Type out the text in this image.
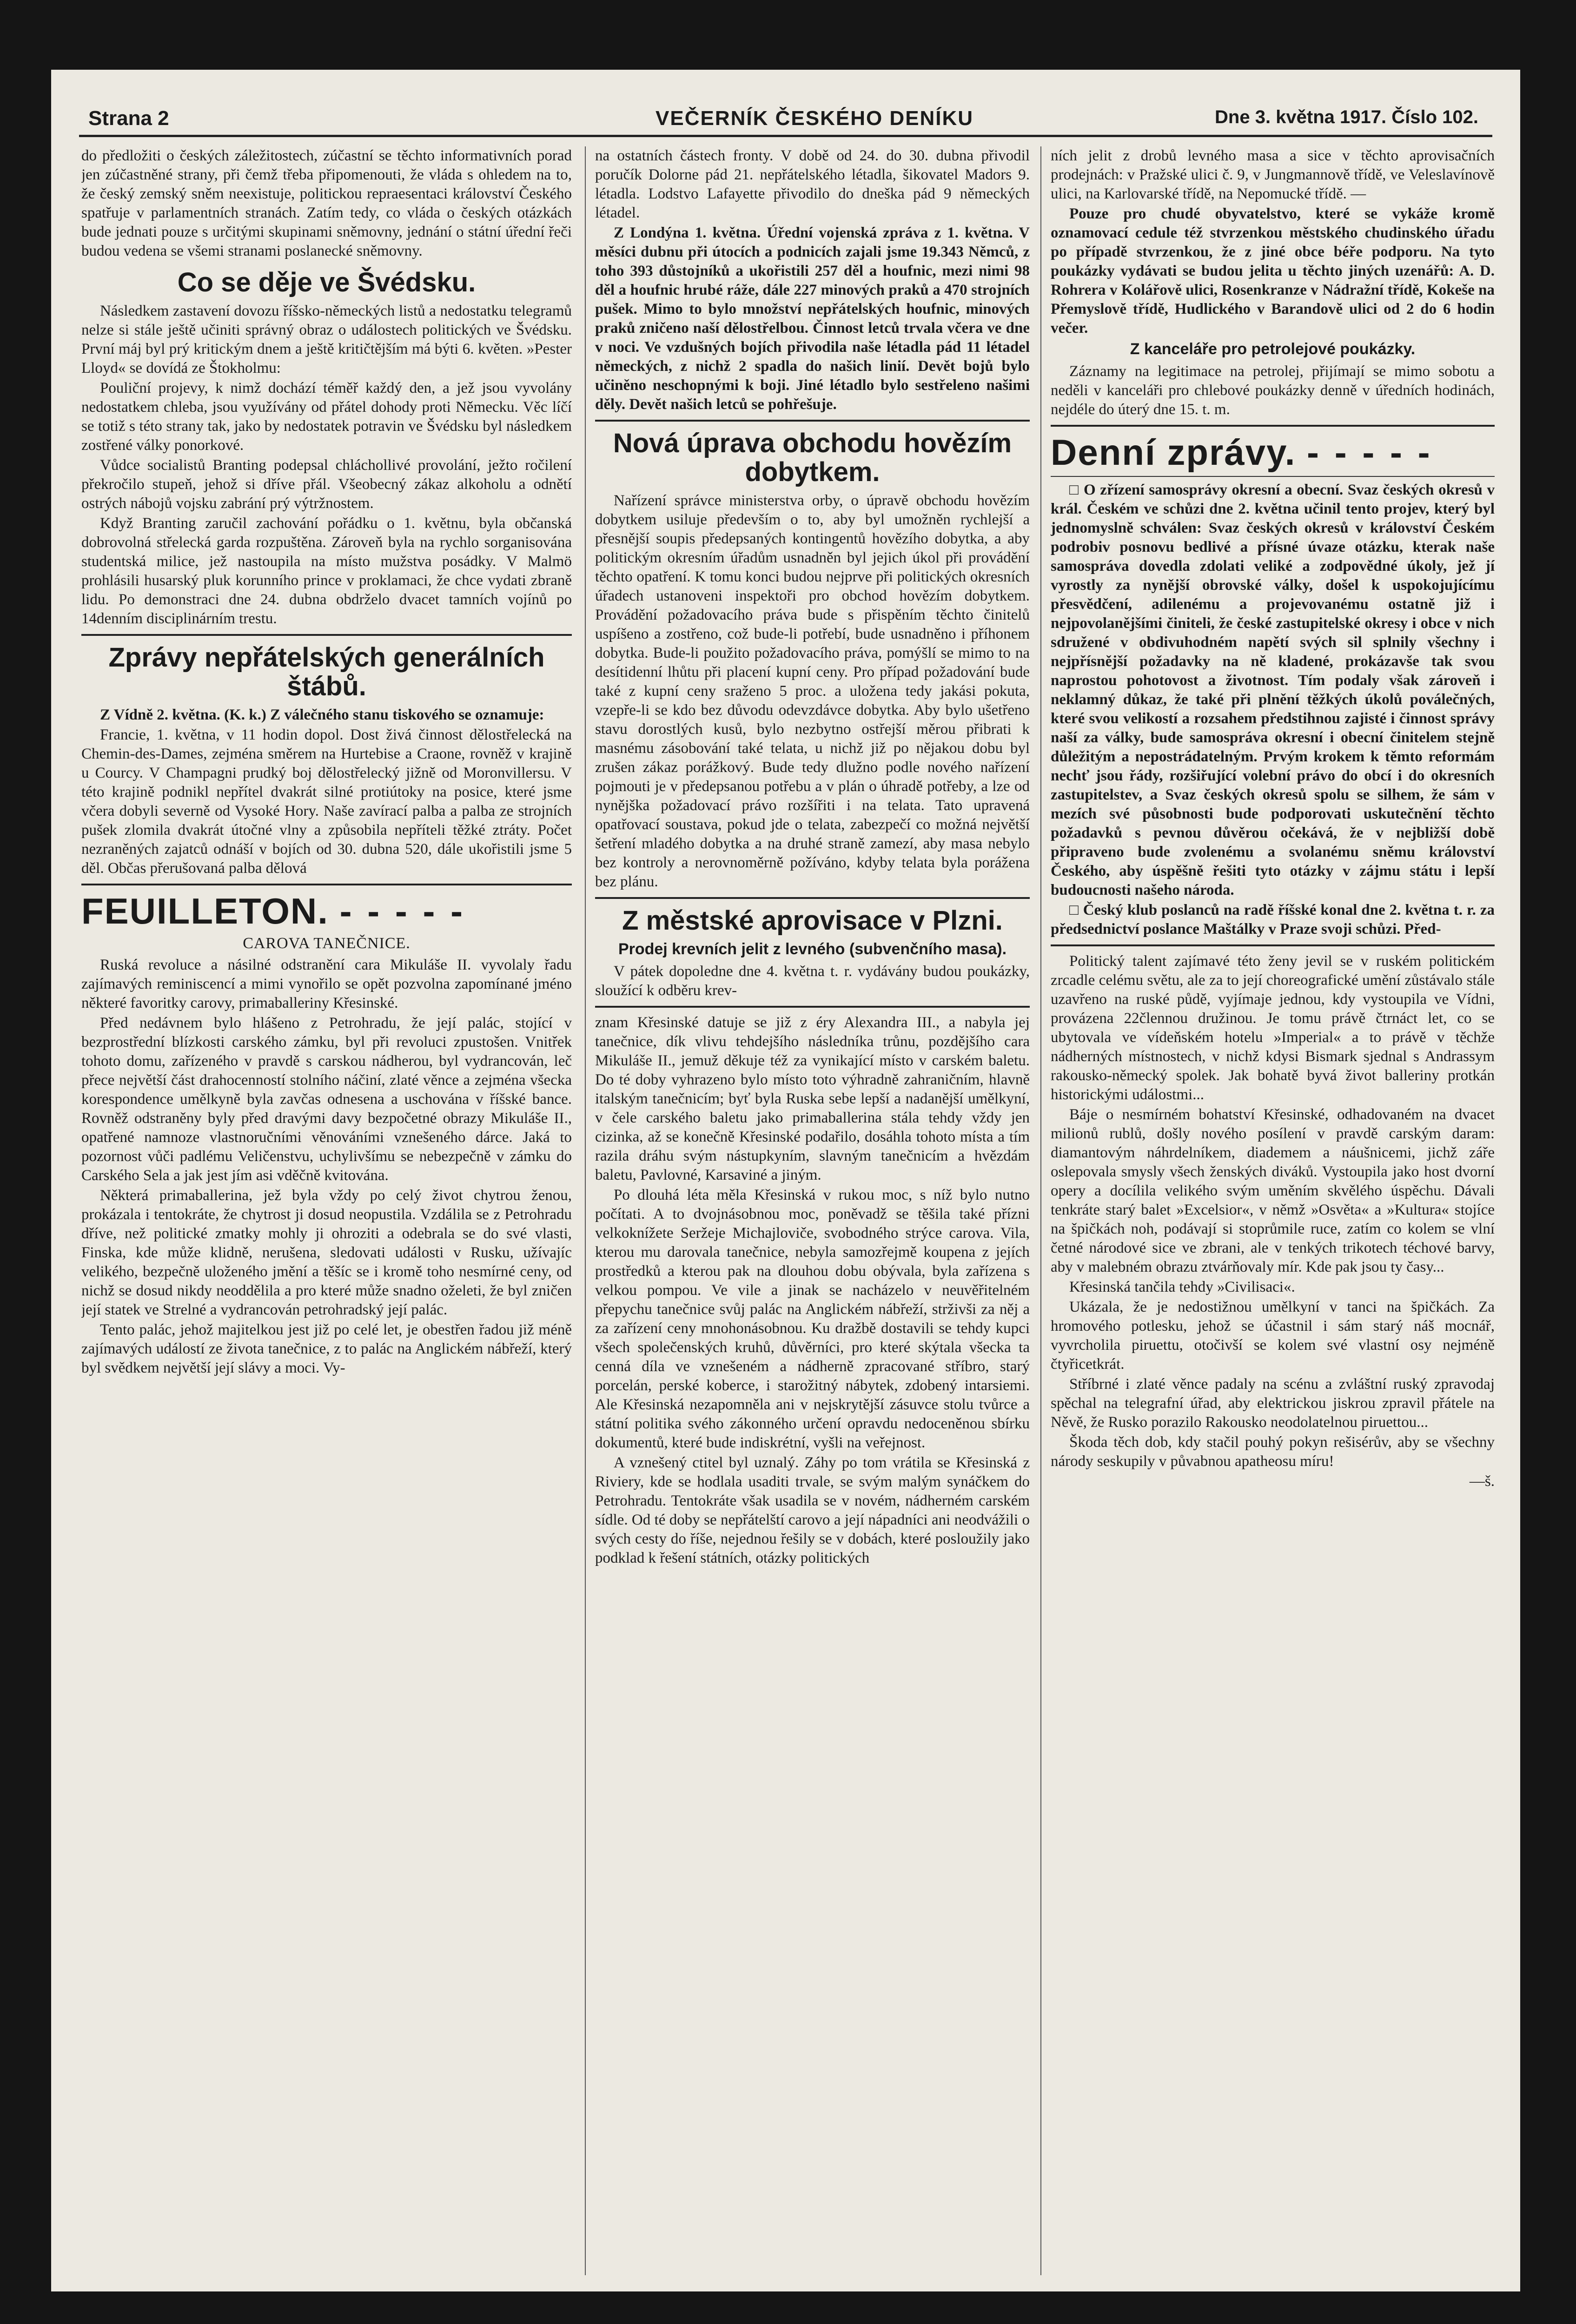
Strana 2	VEČERNÍK ČESKÉHO DENÍKU	Dne 3. května 1917. Číslo 102.

do předložiti o českých záležitostech, zúčastní se těchto informativních porad jen zúčastněné strany, při čemž třeba připomenouti, že vláda s ohledem na to, že český zemský sněm neexistuje, politickou repraesentaci království Českého spatřuje v parlamentních stranách. Zatím tedy, co vláda o českých otázkách bude jednati pouze s určitými skupinami sněmovny, jednání o státní úřední řeči budou vedena se všemi stranami poslanecké sněmovny.

Co se děje ve Švédsku.

Následkem zastavení dovozu říšsko-německých listů a nedostatku telegramů nelze si stále ještě učiniti správný obraz o událostech politických ve Švédsku. První máj byl prý kritickým dnem a ještě kritičtějším má býti 6. květen. »Pester Lloyd« se dovídá ze Štokholmu:

Pouliční projevy, k nimž dochází téměř každý den, a jež jsou vyvolány nedostatkem chleba, jsou využívány od přátel dohody proti Německu. Věc líčí se totiž s této strany tak, jako by nedostatek potravin ve Švédsku byl následkem zostřené války ponorkové.

Vůdce socialistů Branting podepsal chláchollivé provolání, ježto ročilení překročilo stupeň, jehož si dříve přál. Všeobecný zákaz alkoholu a odnětí ostrých nábojů vojsku zabrání prý výtržnostem.

Když Branting zaručil zachování pořádku o 1. květnu, byla občanská dobrovolná střelecká garda rozpuštěna. Zároveň byla na rychlo sorganisována studentská milice, jež nastoupila na místo mužstva posádky. V Malmö prohlásili husarský pluk korunního prince v proklamaci, že chce vydati zbraně lidu. Po demonstraci dne 24. dubna obdrželo dvacet tamních vojínů po 14denním disciplinárním trestu.

Zprávy nepřátelských generálních štábů.

Z Vídně 2. května. (K. k.) Z válečného stanu tiskového se oznamuje:

Francie, 1. května, v 11 hodin dopol. Dost živá činnost dělostřelecká na Chemin-des-Dames, zejména směrem na Hurtebise a Craone, rovněž v krajině u Courcy. V Champagni prudký boj dělostřelecký jižně od Moronvillersu. V této krajině podnikl nepřítel dvakrát silné protiútoky na posice, které jsme včera dobyli severně od Vysoké Hory. Naše zavírací palba a palba ze strojních pušek zlomila dvakrát útočné vlny a způsobila nepříteli těžké ztráty. Počet nezraněných zajatců odnáší v bojích od 30. dubna 520, dále ukořistili jsme 5 děl. Občas přerušovaná palba dělová

FEUILLETON. - - - - -
CAROVA TANEČNICE.

Ruská revoluce a násilné odstranění cara Mikuláše II. vyvolaly řadu zajímavých reminiscencí a mimi vynořilo se opět pozvolna zapomínané jméno některé favoritky carovy, primaballeriny Křesinské.

Před nedávnem bylo hlášeno z Petrohradu, že její palác, stojící v bezprostřední blízkosti carského zámku, byl při revoluci zpustošen. Vnitřek tohoto domu, zařízeného v pravdě s carskou nádherou, byl vydrancován, leč přece největší část drahocenností stolního náčiní, zlaté věnce a zejména všecka korespondence umělkyně byla zavčas odnesena a uschována v říšské bance. Rovněž odstraněny byly před dravými davy bezpočetné obrazy Mikuláše II., opatřené namnoze vlastnoručními věnováními vznešeného dárce. Jaká to pozornost vůči padlému Veličenstvu, uchylivšímu se nebezpečně v zámku do Carského Sela a jak jest jím asi vděčně kvitována.

Některá primaballerina, jež byla vždy po celý život chytrou ženou, prokázala i tentokráte, že chytrost ji dosud neopustila. Vzdálila se z Petrohradu dříve, než politické zmatky mohly ji ohroziti a odebrala se do své vlasti, Finska, kde může klidně, nerušena, sledovati události v Rusku, užívajíc velikého, bezpečně uloženého jmění a těšíc se i kromě toho nesmírné ceny, od nichž se dosud nikdy neoddělila a pro které může snadno oželeti, že byl zničen její statek ve Strelné a vydrancován petrohradský její palác.

Tento palác, jehož majitelkou jest již po celé let, je obestřen řadou již méně zajímavých událostí ze života tanečnice, z to palác na Anglickém nábřeží, který byl svědkem největší její slávy a moci. Vy-

na ostatních částech fronty. V době od 24. do 30. dubna přivodil poručík Dolorne pád 21. nepřátelského létadla, šikovatel Madors 9. létadla. Lodstvo Lafayette přivodilo do dneška pád 9 německých létadel.

Z Londýna 1. května. Úřední vojenská zpráva z 1. května. V měsíci dubnu při útocích a podnicích zajali jsme 19.343 Němců, z toho 393 důstojníků a ukořistili 257 děl a houfnic, mezi nimi 98 děl a houfnic hrubé ráže, dále 227 minových praků a 470 strojních pušek. Mimo to bylo množství nepřátelských houfnic, minových praků zničeno naší dělostřelbou. Činnost letců trvala včera ve dne v noci. Ve vzdušných bojích přivodila naše létadla pád 11 létadel německých, z nichž 2 spadla do našich linií. Devět bojů bylo učiněno neschopnými k boji. Jiné létadlo bylo sestřeleno našimi děly. Devět našich letců se pohřešuje.

Nová úprava obchodu hovězím dobytkem.

Nařízení správce ministerstva orby, o úpravě obchodu hovězím dobytkem usiluje především o to, aby byl umožněn rychlejší a přesnější soupis předepsaných kontingentů hovězího dobytka, a aby politickým okresním úřadům usnadněn byl jejich úkol při provádění těchto opatření. K tomu konci budou nejprve při politických okresních úřadech ustanoveni inspektoři pro obchod hovězím dobytkem. Provádění požadovacího práva bude s přispěním těchto činitelů uspíšeno a zostřeno, což bude-li potřebí, bude usnadněno i příhonem dobytka. Bude-li použito požadovacího práva, pomýšlí se mimo to na desítidenní lhůtu při placení kupní ceny. Pro případ požadování bude také z kupní ceny sraženo 5 proc. a uložena tedy jakási pokuta, vzepře-li se kdo bez důvodu odevzdávce dobytka. Aby bylo ušetřeno stavu dorostlých kusů, bylo nezbytno ostřejší měrou přibrati k masnému zásobování také telata, u nichž již po nějakou dobu byl zrušen zákaz porážkový. Bude tedy dlužno podle nového nařízení pojmouti je v předepsanou potřebu a v plán o úhradě potřeby, a lze od nynějška požadovací právo rozšířiti i na telata. Tato upravená opatřovací soustava, pokud jde o telata, zabezpečí co možná největší šetření mladého dobytka a na druhé straně zamezí, aby masa nebylo bez kontroly a nerovnoměrně požíváno, kdyby telata byla porážena bez plánu.

Z městské aprovisace v Plzni.
Prodej krevních jelit z levného (subvenčního masa).

V pátek dopoledne dne 4. května t. r. vydávány budou poukázky, sloužící k odběru krev-

znam Křesinské datuje se již z éry Alexandra III., a nabyla jej tanečnice, dík vlivu tehdejšího následníka trůnu, pozdějšího cara Mikuláše II., jemuž děkuje též za vynikající místo v carském baletu. Do té doby vyhrazeno bylo místo toto výhradně zahraničním, hlavně italským tanečnicím; byť byla Ruska sebe lepší a nadanější umělkyní, v čele carského baletu jako primaballerina stála tehdy vždy jen cizinka, až se konečně Křesinské podařilo, dosáhla tohoto místa a tím razila dráhu svým nástupkyním, slavným tanečnicím a hvězdám baletu, Pavlovné, Karsaviné a jiným.

Po dlouhá léta měla Křesinská v rukou moc, s níž bylo nutno počítati. A to dvojnásobnou moc, poněvadž se těšila také přízni velkoknížete Seržeje Michajloviče, svobodného strýce carova. Vila, kterou mu darovala tanečnice, nebyla samozřejmě koupena z jejích prostředků a kterou pak na dlouhou dobu obývala, byla zařízena s velkou pompou. Ve vile a jinak se nacházelo v neuvěřitelném přepychu tanečnice svůj palác na Anglickém nábřeží, strživši za něj a za zařízení ceny mnohonásobnou. Ku dražbě dostavili se tehdy kupci všech společenských kruhů, důvěrníci, pro které skýtala všecka ta cenná díla ve vznešeném a nádherně zpracované stříbro, starý porcelán, perské koberce, i starožitný nábytek, zdobený intarsiemi. Ale Křesinská nezapomněla ani v nejskrytější zásuvce stolu tvůrce a státní politika svého zákonného určení opravdu nedoceněnou sbírku dokumentů, které bude indiskrétní, vyšli na veřejnost.

A vznešený ctitel byl uznalý. Záhy po tom vrátila se Křesinská z Riviery, kde se hodlala usaditi trvale, se svým malým synáčkem do Petrohradu. Tentokráte však usadila se v novém, nádherném carském sídle. Od té doby se nepřátelští carovo a její nápadníci ani neodvážili o svých cesty do říše, nejednou řešily se v dobách, které posloužily jako podklad k řešení státních, otázky politických

ních jelit z drobů levného masa a sice v těchto aprovisačních prodejnách: v Pražské ulici č. 9, v Jungmannově třídě, ve Veleslavínově ulici, na Karlovarské třídě, na Nepomucké třídě. —

Pouze pro chudé obyvatelstvo, které se vykáže kromě oznamovací cedule též stvrzenkou městského chudinského úřadu po případě stvrzenkou, že z jiné obce béře podporu. Na tyto poukázky vydávati se budou jelita u těchto jiných uzenářů: A. D. Rohrera v Kolářově ulici, Rosenkranze v Nádražní třídě, Kokeše na Přemyslově třídě, Hudlického v Barandově ulici od 2 do 6 hodin večer.

Z kanceláře pro petrolejové poukázky.

Záznamy na legitimace na petrolej, přijímají se mimo sobotu a neděli v kanceláři pro chlebové poukázky denně v úředních hodinách, nejdéle do úterý dne 15. t. m.

Denní zprávy. - - - - -

□ O zřízení samosprávy okresní a obecní. Svaz českých okresů v král. Českém ve schůzi dne 2. května učinil tento projev, který byl jednomyslně schválen: Svaz českých okresů v království Českém podrobiv posnovu bedlivé a přísné úvaze otázku, kterak naše samospráva dovedla zdolati veliké a zodpovědné úkoly, jež jí vyrostly za nynější obrovské války, došel k uspokojujícímu přesvědčení, adilenému a projevovanému ostatně již i nejpovolanějšími činiteli, že české zastupitelské okresy i obce v nich sdružené v obdivuhodném napětí svých sil splnily všechny i nejpřísnější požadavky na ně kladené, prokázavše tak svou naprostou pohotovost a životnost. Tím podaly však zároveň i neklamný důkaz, že také při plnění těžkých úkolů poválečných, které svou velikostí a rozsahem předstihnou zajisté i činnost správy naší za války, bude samospráva okresní i obecní činitelem stejně důležitým a nepostrádatelným. Prvým krokem k těmto reformám nechť jsou řády, rozšiřující volební právo do obcí i do okresních zastupitelstev, a Svaz českých okresů spolu se silhem, že sám v mezích své působnosti bude podporovati uskutečnění těchto požadavků s pevnou důvěrou očekává, že v nejbližší době připraveno bude zvolenému a svolanému sněmu království Českého, aby úspěšně řešiti tyto otázky v zájmu státu i lepší budoucnosti našeho národa.

□ Český klub poslanců na radě říšské konal dne 2. května t. r. za předsednictví poslance Maštálky v Praze svoji schůzi. Před-

Politický talent zajímavé této ženy jevil se v ruském politickém zrcadle celému světu, ale za to její choreografické umění zůstávalo stále uzavřeno na ruské půdě, vyjímaje jednou, kdy vystoupila ve Vídni, provázena 22člennou družinou. Je tomu právě čtrnáct let, co se ubytovala ve vídeňském hotelu »Imperial« a to právě v těchže nádherných místnostech, v nichž kdysi Bismark sjednal s Andrassym rakousko-německý spolek. Jak bohatě byvá život balleriny protkán historickými událostmi...

Báje o nesmírném bohatství Křesinské, odhadovaném na dvacet milionů rublů, došly nového posílení v pravdě carským daram: diamantovým náhrdelníkem, diademem a náušnicemi, jichž záře oslepovala smysly všech ženských diváků. Vystoupila jako host dvorní opery a docílila velikého svým uměním skvělého úspěchu. Dávali tenkráte starý balet »Excelsior«, v němž »Osvěta« a »Kultura« stojíce na špičkách noh, podávají si stoprůmile ruce, zatím co kolem se vlní četné národové sice ve zbrani, ale v tenkých trikotech téchové barvy, aby v malebném obrazu ztvárňovaly mír. Kde pak jsou ty časy...

Křesinská tančila tehdy »Civilisaci«.

Ukázala, že je nedostižnou umělkyní v tanci na špičkách. Za hromového potlesku, jehož se účastnil i sám starý náš mocnář, vyvrcholila piruettu, otočivší se kolem své vlastní osy nejméně čtyřicetkrát.

Stříbrné i zlaté věnce padaly na scénu a zvláštní ruský zpravodaj spěchal na telegrafní úřad, aby elektrickou jiskrou zpravil přátele na Něvě, že Rusko porazilo Rakousko neodolatelnou piruettou...

Škoda těch dob, kdy stačil pouhý pokyn rešisérův, aby se všechny národy seskupily v půvabnou apatheosu míru!

—š.
